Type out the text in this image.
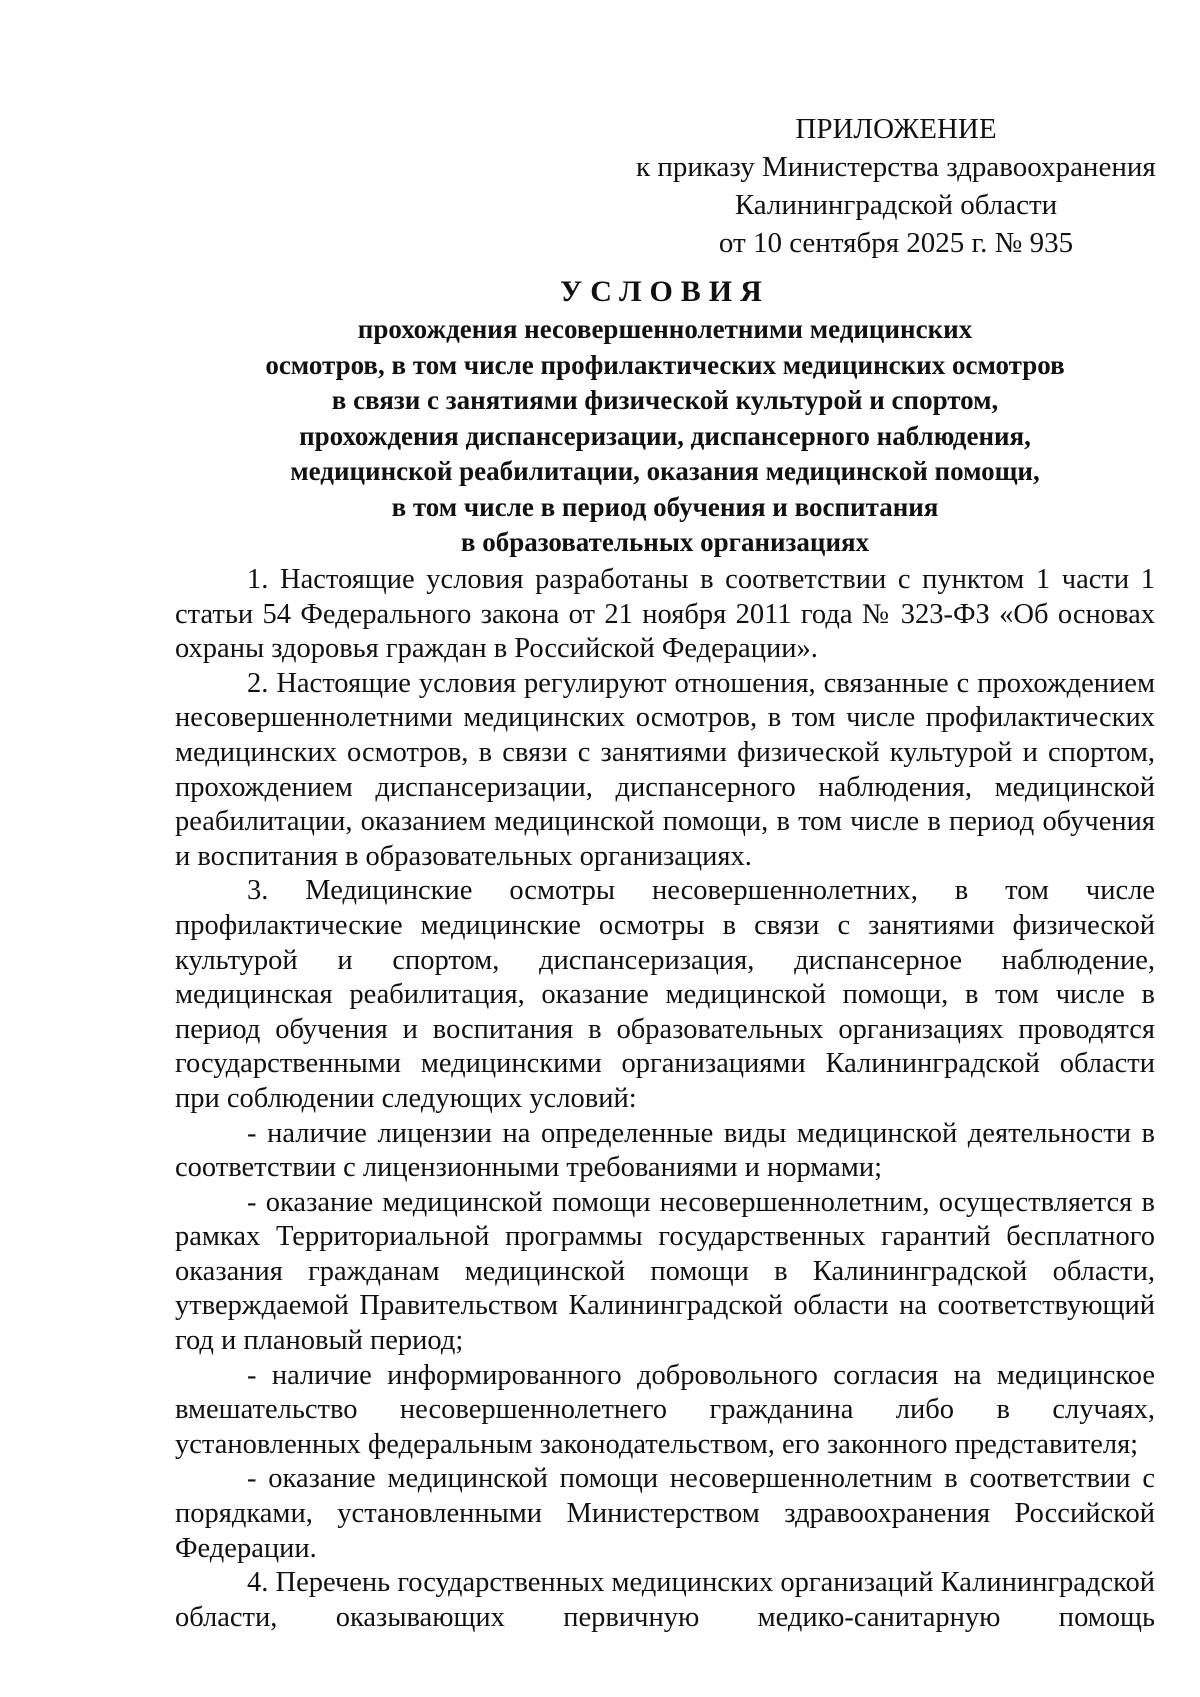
ПРИЛОЖЕНИЕ
к приказу Министерства здравоохранения
Калининградской области
от 10 сентября 2025 г. № 935
УСЛОВИЯ
прохождения несовершеннолетними медицинских
осмотров, в том числе профилактических медицинских осмотров
в связи с занятиями физической культурой и спортом,
прохождения диспансеризации, диспансерного наблюдения,
медицинской реабилитации, оказания медицинской помощи,
в том числе в период обучения и воспитания
в образовательных организациях

1. Настоящие условия разработаны в соответствии с пунктом 1 части 1 статьи 54 Федерального закона от 21 ноября 2011 года № 323-ФЗ «Об основах охраны здоровья граждан в Российской Федерации».

2. Настоящие условия регулируют отношения, связанные с прохождением несовершеннолетними медицинских осмотров, в том числе профилактических медицинских осмотров, в связи с занятиями физической культурой и спортом, прохождением диспансеризации, диспансерного наблюдения, медицинской реабилитации, оказанием медицинской помощи, в том числе в период обучения и воспитания в образовательных организациях.

3. Медицинские осмотры несовершеннолетних, в том числе профилактические медицинские осмотры в связи с занятиями физической культурой и спортом, диспансеризация, диспансерное наблюдение, медицинская реабилитация, оказание медицинской помощи, в том числе в период обучения и воспитания в образовательных организациях проводятся государственными медицинскими организациями Калининградской области при соблюдении следующих условий:

- наличие лицензии на определенные виды медицинской деятельности в соответствии с лицензионными требованиями и нормами;

- оказание медицинской помощи несовершеннолетним, осуществляется в рамках Территориальной программы государственных гарантий бесплатного оказания гражданам медицинской помощи в Калининградской области, утверждаемой Правительством Калининградской области на соответствующий год и плановый период;

- наличие информированного добровольного согласия на медицинское вмешательство несовершеннолетнего гражданина либо в случаях, установленных федеральным законодательством, его законного представителя;

- оказание медицинской помощи несовершеннолетним в соответствии с порядками, установленными Министерством здравоохранения Российской Федерации.

4. Перечень государственных медицинских организаций Калининградской области, оказывающих первичную медико-санитарную помощь
